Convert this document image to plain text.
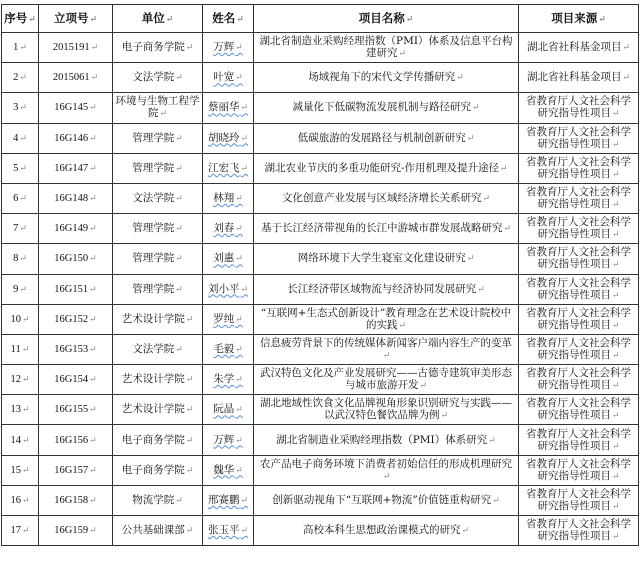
序号↵	立项号↵	单位↵	姓名↵	项目名称↵	项目来源↵
1↵	2015191↵	电子商务学院↵	万辉↵	湖北省制造业采购经理指数（PMI）体系及信息平台构建研究↵	湖北省社科基金项目↵
2↵	2015061↵	文法学院↵	叶宽↵	场域视角下的宋代文学传播研究↵	湖北省社科基金项目↵
3↵	16G145↵	环境与生物工程学院↵	蔡丽华↵	减量化下低碳物流发展机制与路径研究↵	省教育厅人文社会科学研究指导性项目↵
4↵	16G146↵	管理学院↵	胡晓玲↵	低碳旅游的发展路径与机制创新研究↵	省教育厅人文社会科学研究指导性项目↵
5↵	16G147↵	管理学院↵	江宏飞↵	湖北农业节庆的多重功能研究-作用机理及提升途径↵	省教育厅人文社会科学研究指导性项目↵
6↵	16G148↵	文法学院↵	林翔↵	文化创意产业发展与区域经济增长关系研究↵	省教育厅人文社会科学研究指导性项目↵
7↵	16G149↵	管理学院↵	刘春↵	基于长江经济带视角的长江中游城市群发展战略研究↵	省教育厅人文社会科学研究指导性项目↵
8↵	16G150↵	管理学院↵	刘惠↵	网络环境下大学生寝室文化建设研究↵	省教育厅人文社会科学研究指导性项目↵
9↵	16G151↵	管理学院↵	刘小平↵	长江经济带区域物流与经济协同发展研究↵	省教育厅人文社会科学研究指导性项目↵
10↵	16G152↵	艺术设计学院↵	罗纯↵	“互联网+生态式创新设计”教育理念在艺术设计院校中的实践↵	省教育厅人文社会科学研究指导性项目↵
11↵	16G153↵	文法学院↵	毛毅↵	信息疲劳背景下的传统媒体新闻客户端内容生产的变革↵	省教育厅人文社会科学研究指导性项目↵
12↵	16G154↵	艺术设计学院↵	朱学↵	武汉特色文化及产业发展研究——古德寺建筑审美形态与城市旅游开发↵	省教育厅人文社会科学研究指导性项目↵
13↵	16G155↵	艺术设计学院↵	阮晶↵	湖北地域性饮食文化品牌视角形象识别研究与实践——以武汉特色餐饮品牌为例↵	省教育厅人文社会科学研究指导性项目↵
14↵	16G156↵	电子商务学院↵	万辉↵	湖北省制造业采购经理指数（PMI）体系研究↵	省教育厅人文社会科学研究指导性项目↵
15↵	16G157↵	电子商务学院↵	魏华↵	农产品电子商务环境下消费者初始信任的形成机理研究↵	省教育厅人文社会科学研究指导性项目↵
16↵	16G158↵	物流学院↵	邢赛鹏↵	创新驱动视角下“互联网+物流”价值链重构研究↵	省教育厅人文社会科学研究指导性项目↵
17↵	16G159↵	公共基础课部↵	张玉平↵	高校本科生思想政治课模式的研究↵	省教育厅人文社会科学研究指导性项目↵
